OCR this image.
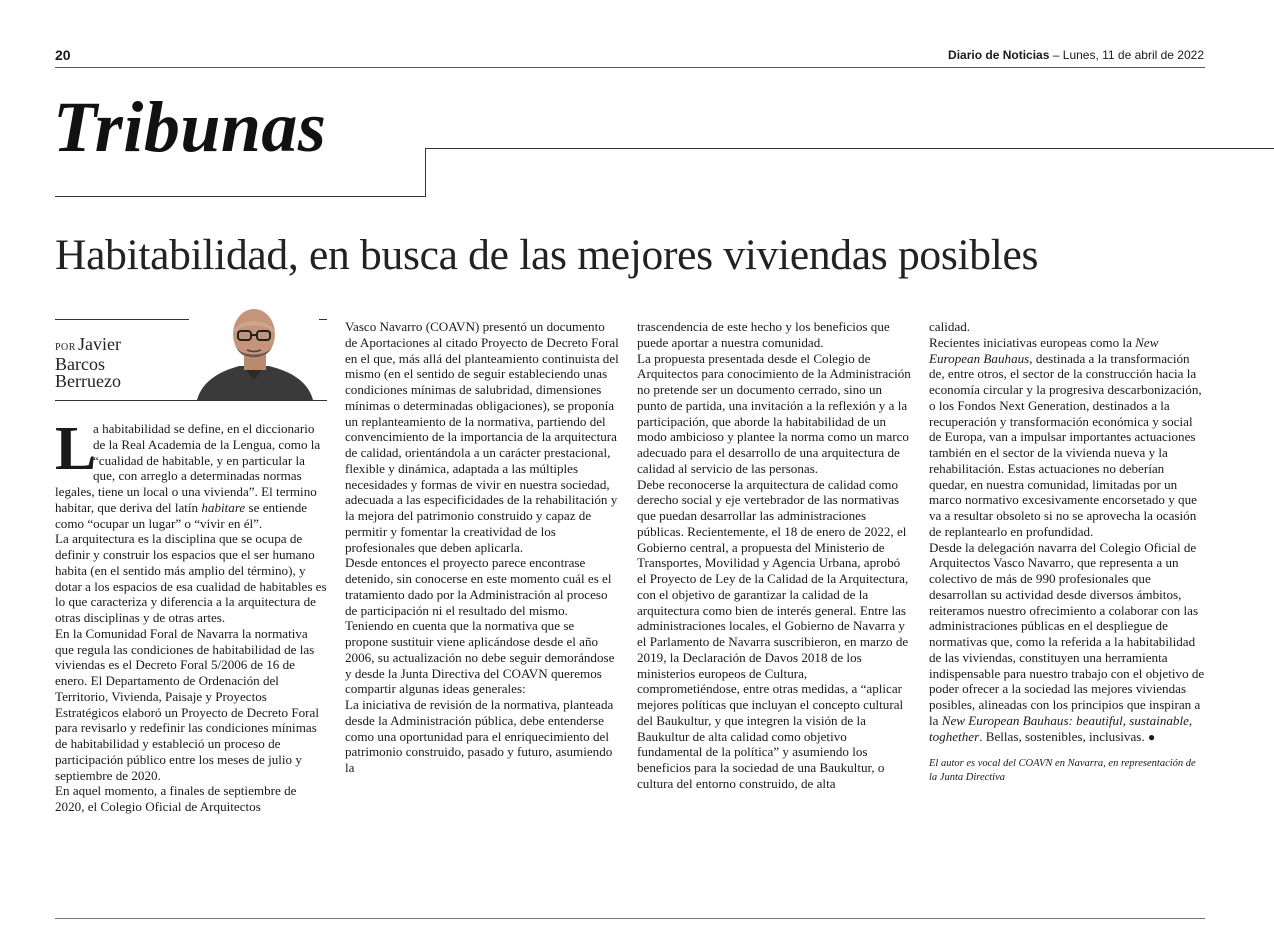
20	Diario de Noticias – Lunes, 11 de abril de 2022
Tribunas
Habitabilidad, en busca de las mejores viviendas posibles
POR Javier
Barcos
Berruezo

L
a habitabilidad se define, en el diccionario de la Real Academia de la Lengua, como la “cualidad de habitable, y en particular la que, con arreglo a determinadas normas legales, tiene un local o una vivienda”. El termino habitar, que deriva del latín habitare se entiende como “ocupar un lugar” o “vivir en él”.

La arquitectura es la disciplina que se ocupa de definir y construir los espacios que el ser humano habita (en el sentido más amplio del término), y dotar a los espacios de esa cualidad de habitables es lo que caracteriza y diferencia a la arquitectura de otras disciplinas y de otras artes.

En la Comunidad Foral de Navarra la normativa que regula las condiciones de habitabilidad de las viviendas es el Decreto Foral 5/2006 de 16 de enero. El Departamento de Ordenación del Territorio, Vivienda, Paisaje y Proyectos Estratégicos elaboró un Proyecto de Decreto Foral para revisarlo y redefinir las condiciones mínimas de habitabilidad y estableció un proceso de participación público entre los meses de julio y septiembre de 2020.

En aquel momento, a finales de septiembre de 2020, el Colegio Oficial de Arquitectos

Vasco Navarro (COAVN) presentó un documento de Aportaciones al citado Proyecto de Decreto Foral en el que, más allá del planteamiento continuista del mismo (en el sentido de seguir estableciendo unas condiciones mínimas de salubridad, dimensiones mínimas o determinadas obligaciones), se proponía un replanteamiento de la normativa, partiendo del convencimiento de la importancia de la arquitectura de calidad, orientándola a un carácter prestacional, flexible y dinámica, adaptada a las múltiples necesidades y formas de vivir en nuestra sociedad, adecuada a las especificidades de la rehabilitación y la mejora del patrimonio construido y capaz de permitir y fomentar la creatividad de los profesionales que deben aplicarla.

Desde entonces el proyecto parece encontrase detenido, sin conocerse en este momento cuál es el tratamiento dado por la Administración al proceso de participación ni el resultado del mismo.

Teniendo en cuenta que la normativa que se propone sustituir viene aplicándose desde el año 2006, su actualización no debe seguir demorándose y desde la Junta Directiva del COAVN queremos compartir algunas ideas generales:

La iniciativa de revisión de la normativa, planteada desde la Administración pública, debe entenderse como una oportunidad para el enriquecimiento del patrimonio construido, pasado y futuro, asumiendo la

trascendencia de este hecho y los beneficios que puede aportar a nuestra comunidad.

La propuesta presentada desde el Colegio de Arquitectos para conocimiento de la Administración no pretende ser un documento cerrado, sino un punto de partida, una invitación a la reflexión y a la participación, que aborde la habitabilidad de un modo ambicioso y plantee la norma como un marco adecuado para el desarrollo de una arquitectura de calidad al servicio de las personas.

Debe reconocerse la arquitectura de calidad como derecho social y eje vertebrador de las normativas que puedan desarrollar las administraciones públicas. Recientemente, el 18 de enero de 2022, el Gobierno central, a propuesta del Ministerio de Transportes, Movilidad y Agencia Urbana, aprobó el Proyecto de Ley de la Calidad de la Arquitectura, con el objetivo de garantizar la calidad de la arquitectura como bien de interés general. Entre las administraciones locales, el Gobierno de Navarra y el Parlamento de Navarra suscribieron, en marzo de 2019, la Declaración de Davos 2018 de los ministerios europeos de Cultura, comprometiéndose, entre otras medidas, a “aplicar mejores políticas que incluyan el concepto cultural del Baukultur, y que integren la visión de la Baukultur de alta calidad como objetivo fundamental de la política” y asumiendo los beneficios para la sociedad de una Baukultur, o cultura del entorno construido, de alta

calidad.

Recientes iniciativas europeas como la New European Bauhaus, destinada a la transformación de, entre otros, el sector de la construcción hacia la economía circular y la progresiva descarbonización, o los Fondos Next Generation, destinados a la recuperación y transformación económica y social de Europa, van a impulsar importantes actuaciones también en el sector de la vivienda nueva y la rehabilitación. Estas actuaciones no deberían quedar, en nuestra comunidad, limitadas por un marco normativo excesivamente encorsetado y que va a resultar obsoleto si no se aprovecha la ocasión de replantearlo en profundidad.

Desde la delegación navarra del Colegio Oficial de Arquitectos Vasco Navarro, que representa a un colectivo de más de 990 profesionales que desarrollan su actividad desde diversos ámbitos, reiteramos nuestro ofrecimiento a colaborar con las administraciones públicas en el despliegue de normativas que, como la referida a la habitabilidad de las viviendas, constituyen una herramienta indispensable para nuestro trabajo con el objetivo de poder ofrecer a la sociedad las mejores viviendas posibles, alineadas con los principios que inspiran a la New European Bauhaus: beautiful, sustainable, toghether. Bellas, sostenibles, inclusivas. ●

El autor es vocal del COAVN en Navarra, en representación de la Junta Directiva
